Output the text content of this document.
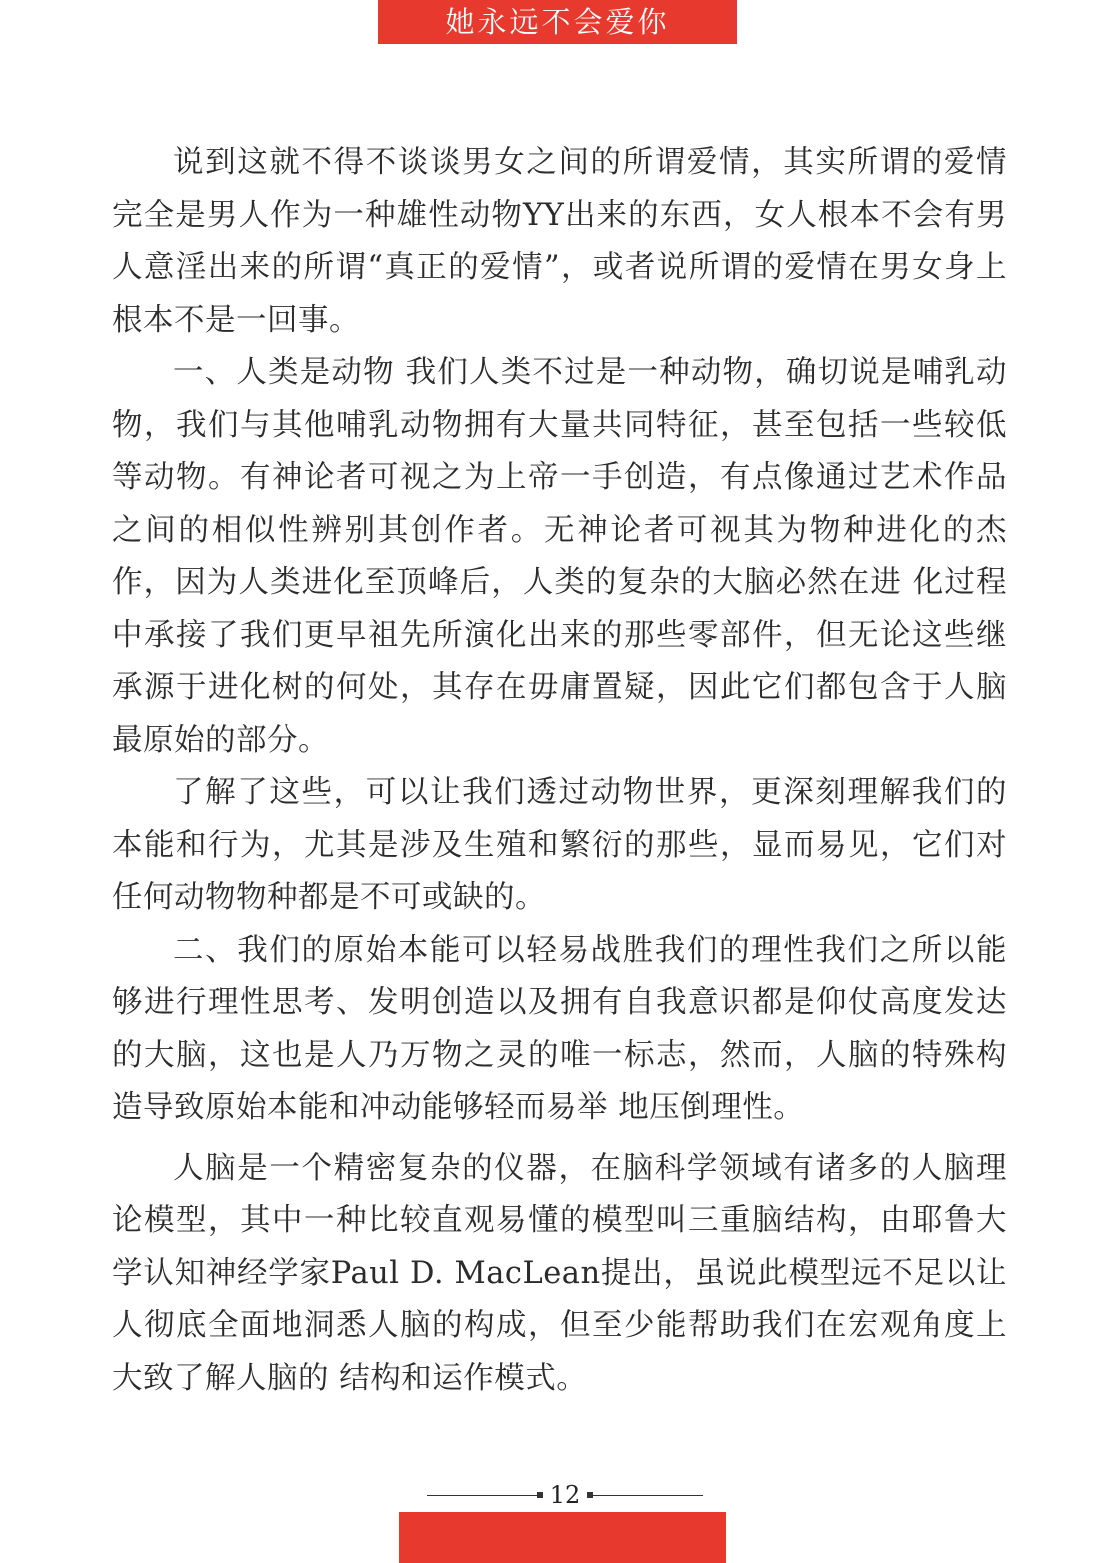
她永远不会爱你

说到这就不得不谈谈男女之间的所谓爱情，其实所谓的爱情完全是男人作为一种雄性动物YY出来的东西，女人根本不会有男人意淫出来的所谓“真正的爱情”，或者说所谓的爱情在男女身上根本不是一回事。

一、人类是动物 我们人类不过是一种动物，确切说是哺乳动物，我们与其他哺乳动物拥有大量共同特征，甚至包括一些较低等动物。有神论者可视之为上帝一手创造，有点像通过艺术作品之间的相似性辨别其创作者。无神论者可视其为物种进化的杰作，因为人类进化至顶峰后，人类的复杂的大脑必然在进 化过程中承接了我们更早祖先所演化出来的那些零部件，但无论这些继承源于进化树的何处，其存在毋庸置疑，因此它们都包含于人脑最原始的部分。

了解了这些，可以让我们透过动物世界，更深刻理解我们的本能和行为，尤其是涉及生殖和繁衍的那些，显而易见，它们对任何动物物种都是不可或缺的。

二、我们的原始本能可以轻易战胜我们的理性我们之所以能够进行理性思考、发明创造以及拥有自我意识都是仰仗高度发达的大脑，这也是人乃万物之灵的唯一标志，然而，人脑的特殊构造导致原始本能和冲动能够轻而易举 地压倒理性。

人脑是一个精密复杂的仪器，在脑科学领域有诸多的人脑理论模型，其中一种比较直观易懂的模型叫三重脑结构，由耶鲁大学认知神经学家Paul D. MacLean提出，虽说此模型远不足以让人彻底全面地洞悉人脑的构成，但至少能帮助我们在宏观角度上大致了解人脑的 结构和运作模式。

12
